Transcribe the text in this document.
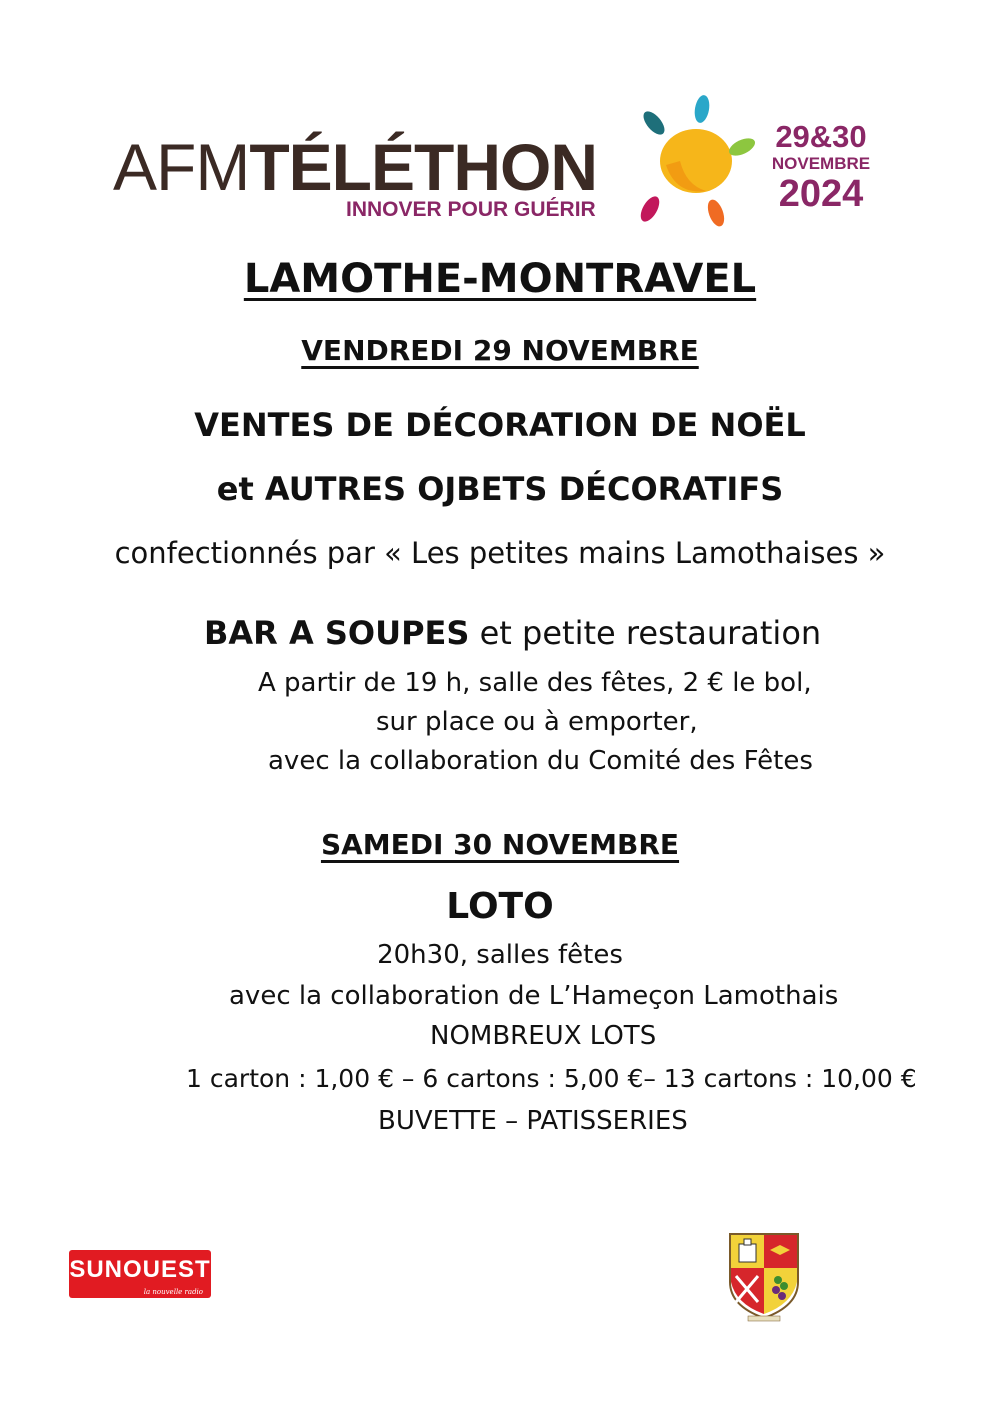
AFMTÉLÉTHON
INNOVER POUR GUÉRIR
29&30
NOVEMBRE
2024
LAMOTHE-MONTRAVEL
VENDREDI 29 NOVEMBRE
VENTES DE DÉCORATION DE NOËL
et AUTRES OJBETS DÉCORATIFS
confectionnés par « Les petites mains Lamothaises »
BAR A SOUPES et petite restauration
A partir de 19 h, salle des fêtes, 2 € le bol,
sur place ou à emporter,
avec la collaboration du Comité des Fêtes
SAMEDI 30 NOVEMBRE
LOTO
20h30, salles fêtes
avec la collaboration de L’Hameçon Lamothais
NOMBREUX LOTS
1 carton : 1,00 € – 6 cartons : 5,00 €– 13 cartons : 10,00 €
BUVETTE – PATISSERIES
SUNOUEST
la nouvelle radio
